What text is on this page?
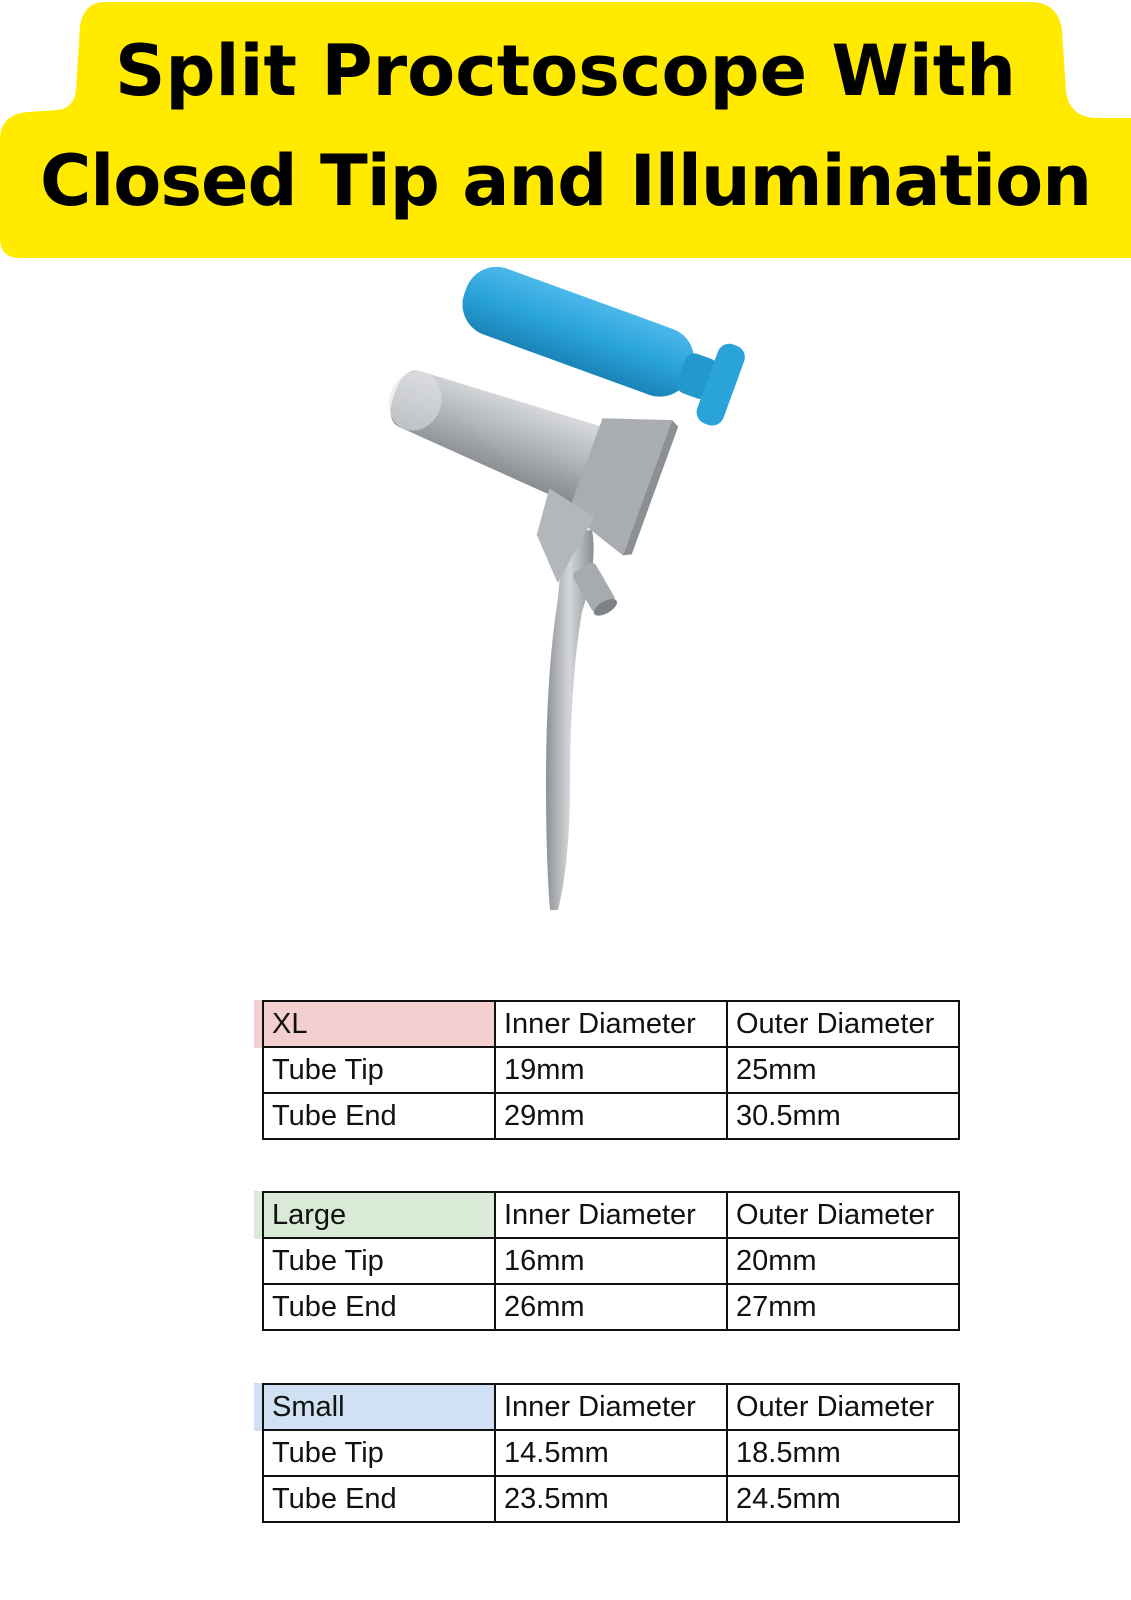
Split Proctoscope With
Closed Tip and Illumination
XL	Inner Diameter	Outer Diameter
Tube Tip	19mm	25mm
Tube End	29mm	30.5mm
Large	Inner Diameter	Outer Diameter
Tube Tip	16mm	20mm
Tube End	26mm	27mm
Small	Inner Diameter	Outer Diameter
Tube Tip	14.5mm	18.5mm
Tube End	23.5mm	24.5mm
